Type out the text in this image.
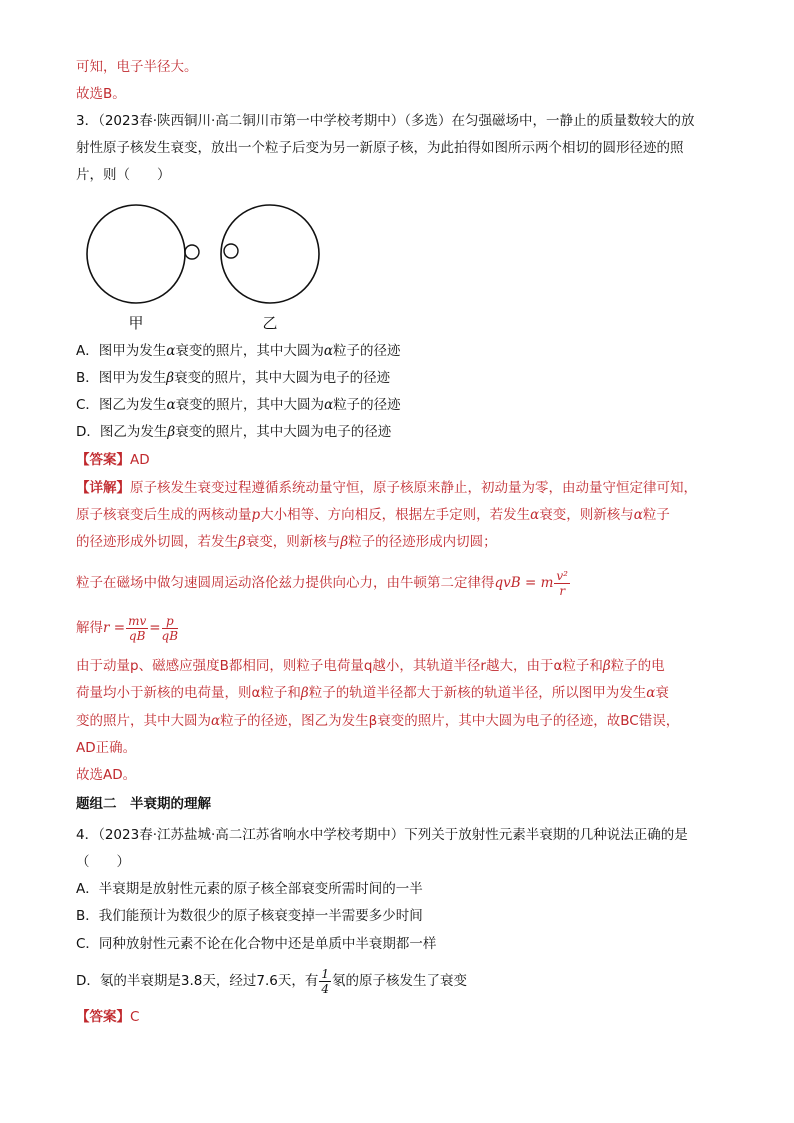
可知，电子半径大。
故选B。
3．（2023春·陕西铜川·高二铜川市第一中学校考期中）（多选）在匀强磁场中，一静止的质量数较大的放
射性原子核发生衰变，放出一个粒子后变为另一新原子核，为此拍得如图所示两个相切的圆形径迹的照
片，则（　　）
甲	乙
A．图甲为发生α衰变的照片，其中大圆为α粒子的径迹
B．图甲为发生β衰变的照片，其中大圆为电子的径迹
C．图乙为发生α衰变的照片，其中大圆为α粒子的径迹
D．图乙为发生β衰变的照片，其中大圆为电子的径迹
【答案】AD
【详解】原子核发生衰变过程遵循系统动量守恒，原子核原来静止，初动量为零，由动量守恒定律可知，
原子核衰变后生成的两核动量p大小相等、方向相反，根据左手定则，若发生α衰变，则新核与α粒子
的径迹形成外切圆，若发生β衰变，则新核与β粒子的径迹形成内切圆；
粒子在磁场中做匀速圆周运动洛伦兹力提供向心力，由牛顿第二定律得qvB = m $\frac{\text{v²}}{r}$
解得$r = \frac{mv}{qB} = \frac{p}{qB}$
由于动量p、磁感应强度B都相同，则粒子电荷量q越小，其轨道半径r越大，由于α粒子和β粒子的电
荷量均小于新核的电荷量，则α粒子和β粒子的轨道半径都大于新核的轨道半径，所以图甲为发生α衰
变的照片，其中大圆为α粒子的径迹，图乙为发生β衰变的照片，其中大圆为电子的径迹，故BC错误，
AD正确。
故选AD。
题组二　半衰期的理解
4．（2023春·江苏盐城·高二江苏省响水中学校考期中）下列关于放射性元素半衰期的几种说法正确的是
（　　）
A．半衰期是放射性元素的原子核全部衰变所需时间的一半
B．我们能预计为数很少的原子核衰变掉一半需要多少时间
C．同种放射性元素不论在化合物中还是单质中半衰期都一样
D．氡的半衰期是3.8天，经过7.6天，有 $\frac{1}{4}$ 氡的原子核发生了衰变
【答案】C
